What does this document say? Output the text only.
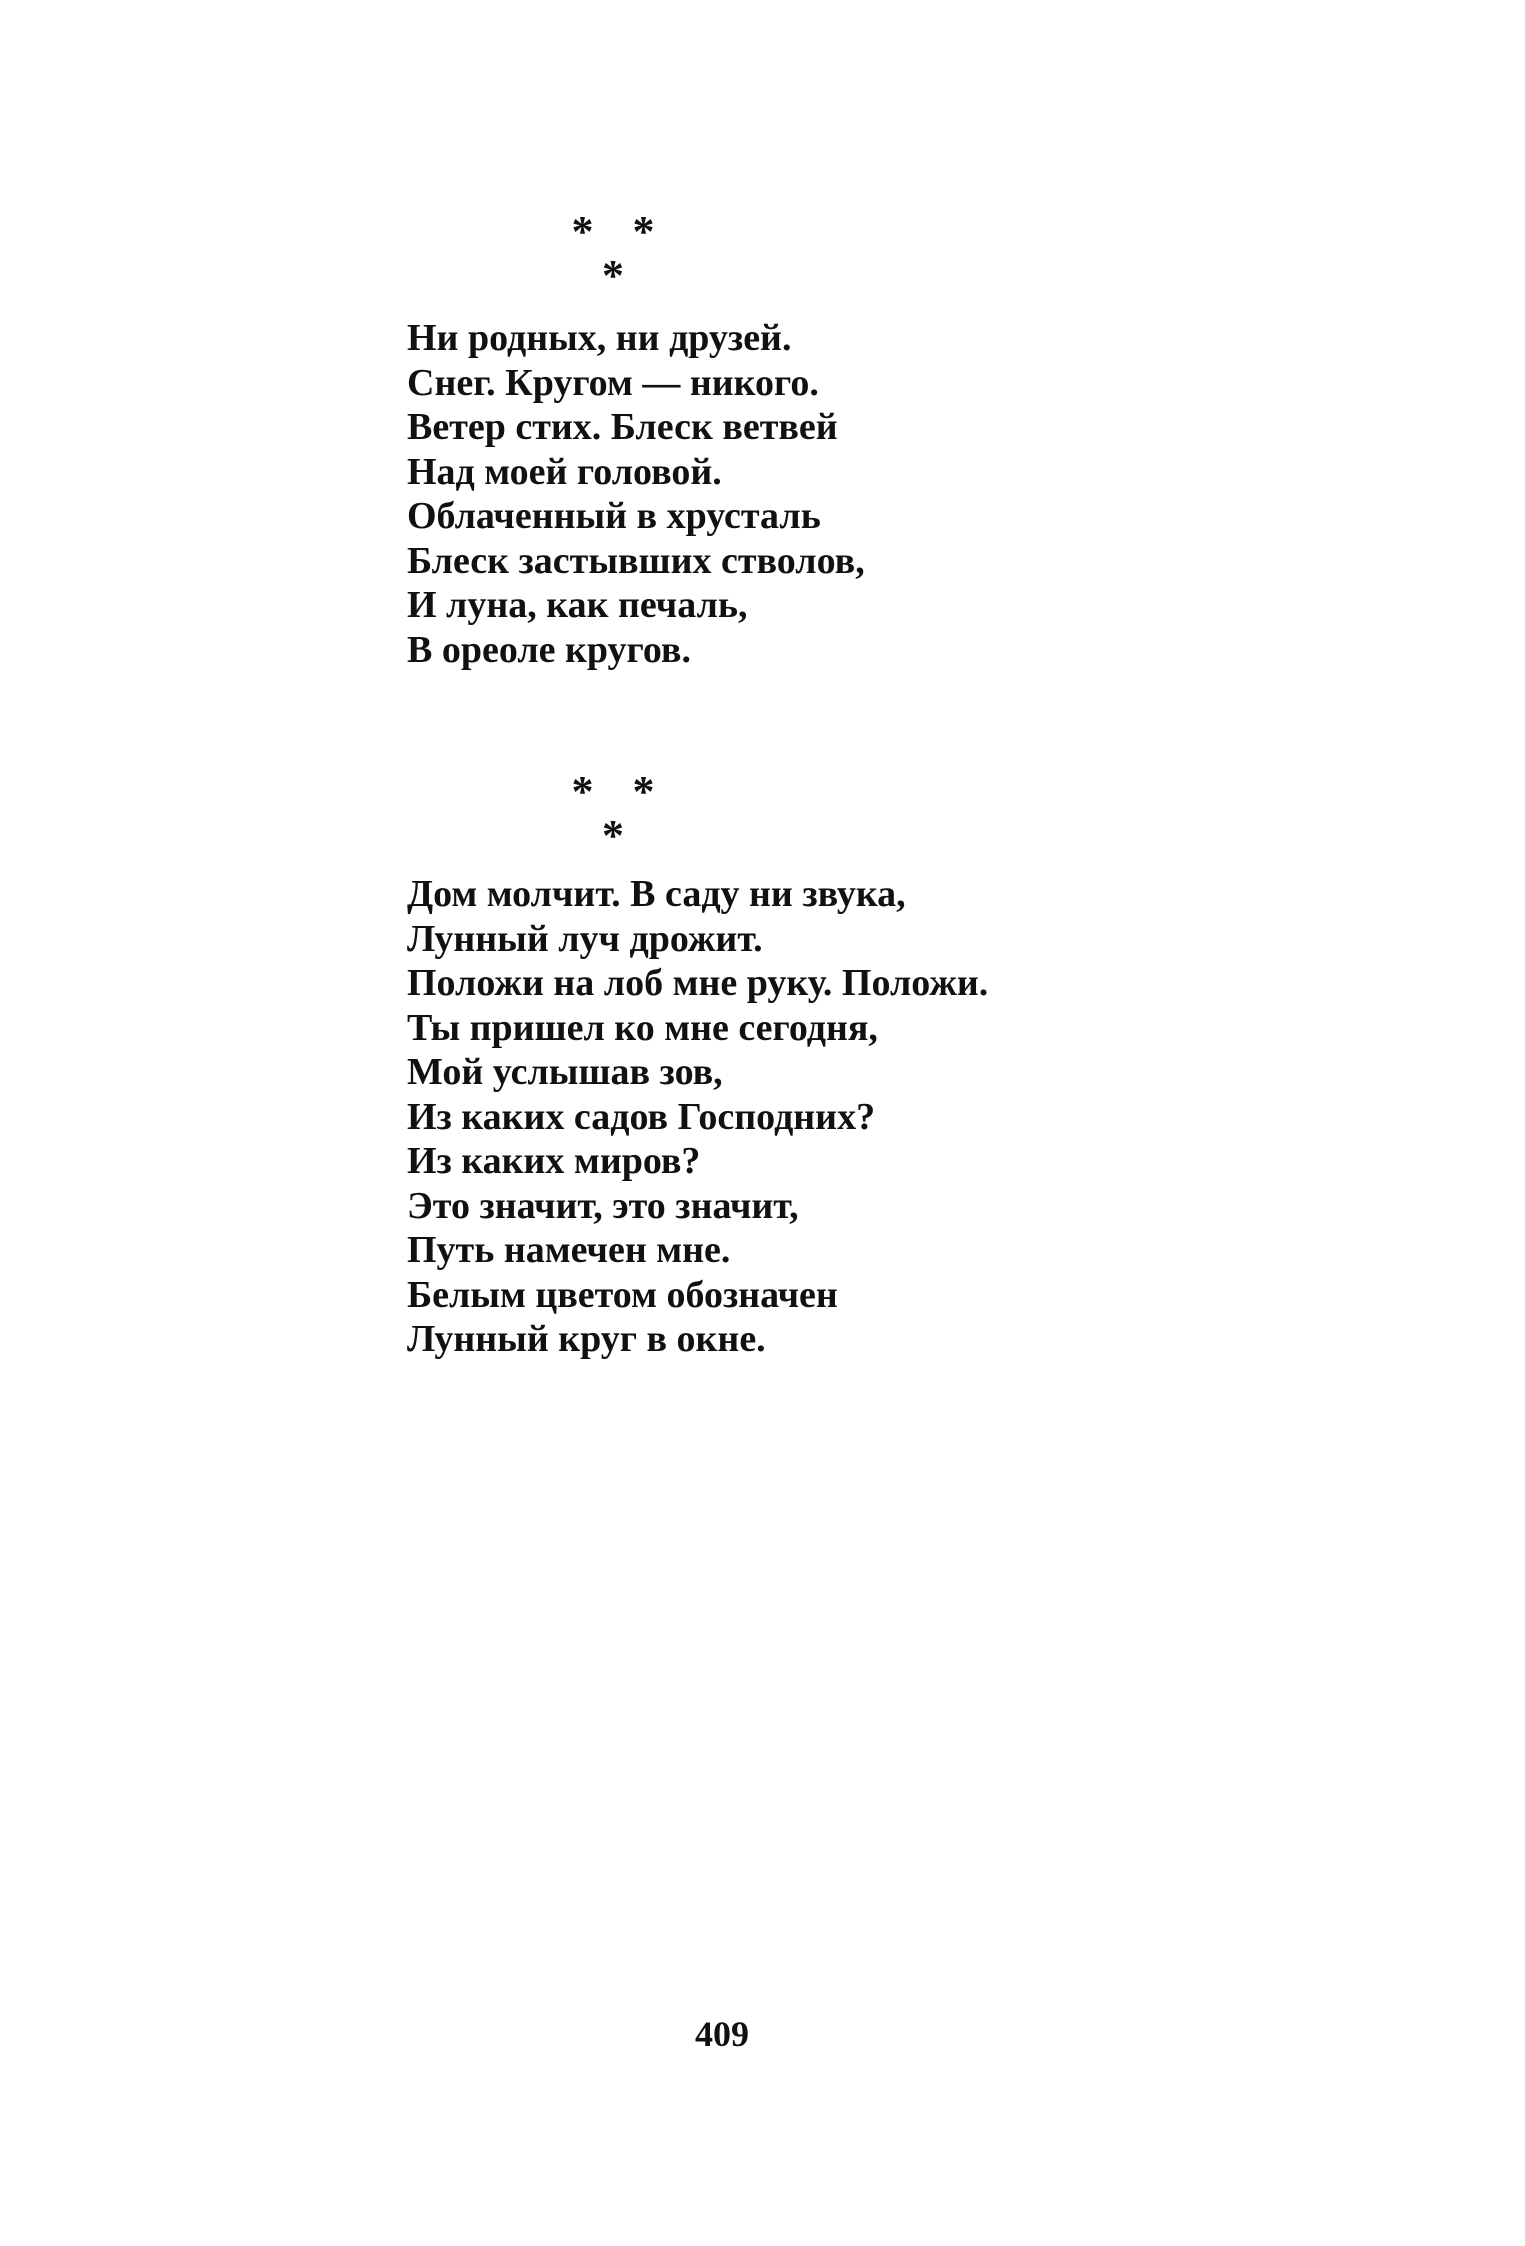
* * *
Ни родных, ни друзей.
Снег. Кругом — никого.
Ветер стих. Блеск ветвей
Над моей головой.
Облаченный в хрусталь
Блеск застывших стволов,
И луна, как печаль,
В ореоле кругов.
* * *
Дом молчит. В саду ни звука,
Лунный луч дрожит.
Положи на лоб мне руку. Положи.
Ты пришел ко мне сегодня,
Мой услышав зов,
Из каких садов Господних?
Из каких миров?
Это значит, это значит,
Путь намечен мне.
Белым цветом обозначен
Лунный круг в окне.
409
